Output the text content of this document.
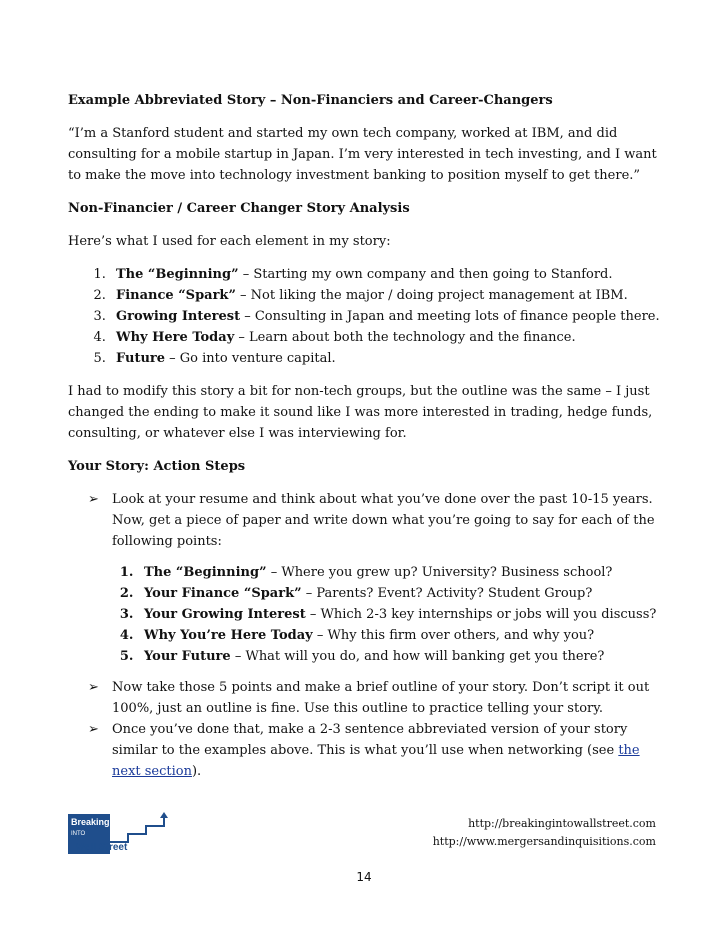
Example Abbreviated Story – Non-Financiers and Career-Changers

“I’m a Stanford student and started my own tech company, worked at IBM, and did consulting for a mobile startup in Japan. I’m very interested in tech investing, and I want to make the move into technology investment banking to position myself to get there.”

Non-Financier / Career Changer Story Analysis

Here’s what I used for each element in my story:

1. The “Beginning” – Starting my own company and then going to Stanford.
2. Finance “Spark” – Not liking the major / doing project management at IBM.
3. Growing Interest – Consulting in Japan and meeting lots of finance people there.
4. Why Here Today – Learn about both the technology and the finance.
5. Future – Go into venture capital.

I had to modify this story a bit for non-tech groups, but the outline was the same – I just changed the ending to make it sound like I was more interested in trading, hedge funds, consulting, or whatever else I was interviewing for.

Your Story: Action Steps
➢ Look at your resume and think about what you’ve done over the past 10-15 years. Now, get a piece of paper and write down what you’re going to say for each of the following points:
1. The “Beginning” – Where you grew up? University? Business school?
2. Your Finance “Spark” – Parents? Event? Activity? Student Group?
3. Your Growing Interest – Which 2-3 key internships or jobs will you discuss?
4. Why You’re Here Today – Why this firm over others, and why you?
5. Your Future – What will you do, and how will banking get you there?
➢ Now take those 5 points and make a brief outline of your story. Don’t script it out 100%, just an outline is fine. Use this outline to practice telling your story.
➢ Once you’ve done that, make a 2-3 sentence abbreviated version of your story similar to the examples above. This is what you’ll use when networking (see the next section).
Breaking
INTO
Wall Street
http://breakingintowallstreet.com
http://www.mergersandinquisitions.com
14
